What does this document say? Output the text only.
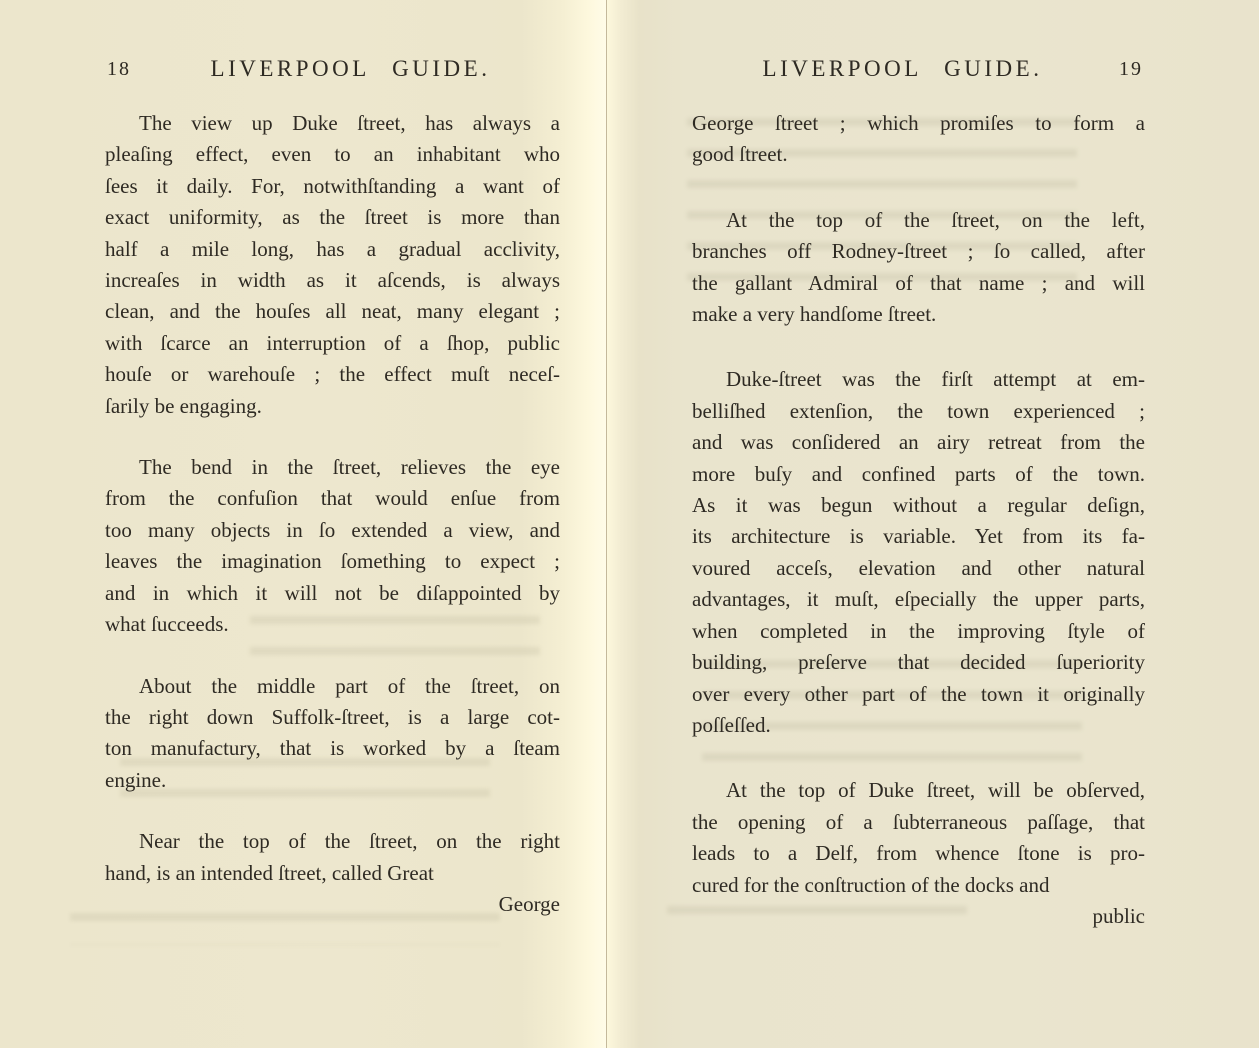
18	LIVERPOOL GUIDE.
The view up Duke ſtreet, has always a
pleaſing effect, even to an inhabitant who
ſees it daily. For, notwithſtanding a want of
exact uniformity, as the ſtreet is more than
half a mile long, has a gradual acclivity,
increaſes in width as it aſcends, is always
clean, and the houſes all neat, many elegant ;
with ſcarce an interruption of a ſhop, public
houſe or warehouſe ; the effect muſt neceſ-
ſarily be engaging.
The bend in the ſtreet, relieves the eye
from the confuſion that would enſue from
too many objects in ſo extended a view, and
leaves the imagination ſomething to expect ;
and in which it will not be diſappointed by
what ſucceeds.
About the middle part of the ſtreet, on
the right down Suffolk-ſtreet, is a large cot-
ton manufactury, that is worked by a ſteam
engine.
Near the top of the ſtreet, on the right
hand, is an intended ſtreet, called Great
George
LIVERPOOL GUIDE.	19
George ſtreet ; which promiſes to form a
good ſtreet.
At the top of the ſtreet, on the left,
branches off Rodney-ſtreet ; ſo called, after
the gallant Admiral of that name ; and will
make a very handſome ſtreet.
Duke-ſtreet was the firſt attempt at em-
belliſhed extenſion, the town experienced ;
and was conſidered an airy retreat from the
more buſy and confined parts of the town.
As it was begun without a regular deſign,
its architecture is variable. Yet from its fa-
voured acceſs, elevation and other natural
advantages, it muſt, eſpecially the upper parts,
when completed in the improving ſtyle of
building, preſerve that decided ſuperiority
over every other part of the town it originally
poſſeſſed.
At the top of Duke ſtreet, will be obſerved,
the opening of a ſubterraneous paſſage, that
leads to a Delf, from whence ſtone is pro-
cured for the conſtruction of the docks and
public
